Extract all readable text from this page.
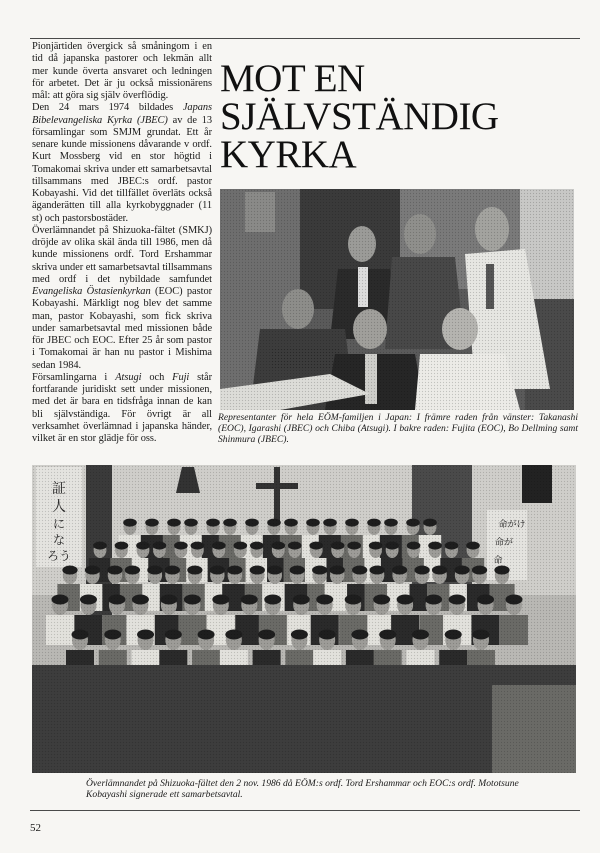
Pionjärtiden övergick så småningom i en tid då japanska pastorer och lekmän allt mer kunde överta ansvaret och ledningen för arbetet. Det är ju också missionärens mål: att göra sig själv överflödig.

Den 24 mars 1974 bildades Japans Bibelevangeliska Kyrka (JBEC) av de 13 församlingar som SMJM grundat. Ett år senare kunde missionens dåvarande v ordf. Kurt Mossberg vid en stor högtid i Tomakomai skriva under ett samarbetsavtal tillsammans med JBEC:s ordf. pastor Kobayashi. Vid det tillfället överläts också äganderätten till alla kyrkobyggnader (11 st) och pastorsbostäder.

Överlämnandet på Shizuoka-fältet (SMKJ) dröjde av olika skäl ända till 1986, men då kunde missionens ordf. Tord Ershammar skriva under ett samarbetsavtal tillsammans med ordf i det nybildade samfundet Evangeliska Östasienkyrkan (EOC) pastor Kobayashi. Märkligt nog blev det samme man, pastor Kobayashi, som fick skriva under samarbetsavtal med missionen både för JBEC och EOC. Efter 25 år som pastor i Tomakomai är han nu pastor i Mishima sedan 1984.

Församlingarna i Atsugi och Fuji står fortfarande juridiskt sett under missionen, med det är bara en tidsfråga innan de kan bli självständiga. För övrigt är all verksamhet överlämnad i japanska händer, vilket är en stor glädje för oss.

MOT EN
SJÄLVSTÄNDIG
KYRKA
Representanter för hela EÖM-familjen i Japan: I främre raden från vänster: Takanashi (EOC), Igarashi (JBEC) och Chiba (Atsugi). I bakre raden: Fujita (EOC), Bo Dellming samt Shinmura (JBEC).
Överlämnandet på Shizuoka-fältet den 2 nov. 1986 då EÖM:s ordf. Tord Ershammar och EOC:s ordf. Mototsune Kobayashi signerade ett samarbetsavtal.
52
